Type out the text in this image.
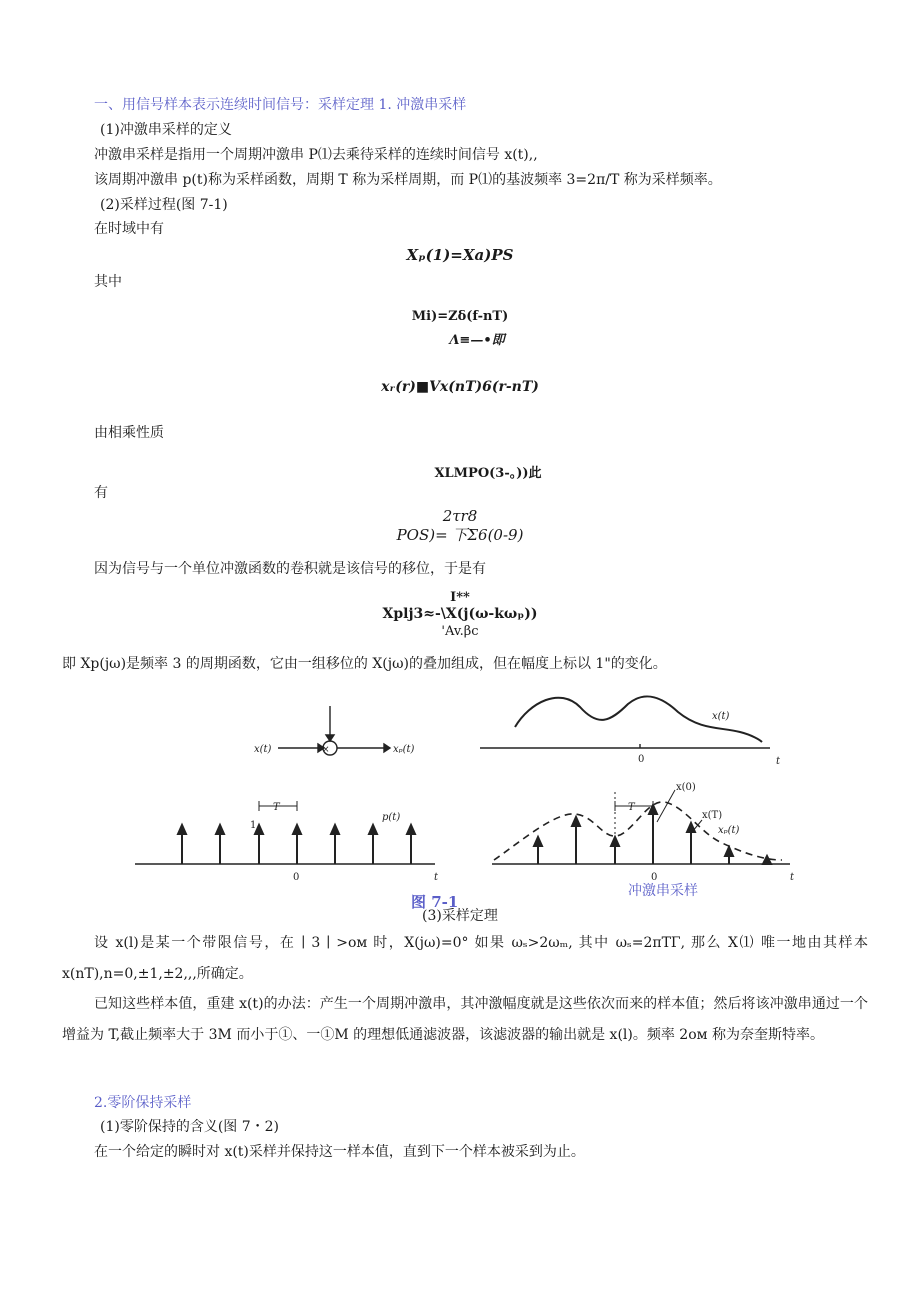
一、用信号样本表示连续时间信号：采样定理 1. 冲激串采样
(1)冲激串采样的定义
冲激串采样是指用一个周期冲激串 P⑴去乘待采样的连续时间信号 x(t),,
该周期冲激串 p(t)称为采样函数，周期 T 称为采样周期，而 P⑴的基波频率 3=2π/T 称为采样频率。
(2)采样过程(图 7-1)
在时域中有
Xₚ(1)=Xa)PS
其中
Mi)=Zδ(f-nT)
Λ≡—•即
xᵣ(r)■Vx(nT)6(r-nT)
由相乘性质
XLMPO(3-。))此
有
2τr8
POS)= 下Σ6(0-9)
因为信号与一个单位冲激函数的卷积就是该信号的移位，于是有
I**
Xplj3≈-\X(j(ω-kωₚ))
'Av.βc
即 Xp(jω)是频率 3 的周期函数，它由一组移位的 X(jω)的叠加组成，但在幅度上标以 1"的变化。
x(t)	xₚ(t)
x(t)
0	t
p(t)
T
1
0	t
T
x(0)
x(T)
xₚ(t)
0	t
×
图 7-1
冲激串采样
(3)采样定理
设 x(l)是某一个带限信号，在 ∣ 3 ∣ >ᴏᴍ 时，X(jω)=0° 如果 ωₛ>2ωₘ, 其中 ωₛ=2πTΓ, 那么 X⑴ 唯一地由其样本 x(nT),n=0,±1,±2,,,所确定。
已知这些样本值，重建 x(t)的办法：产生一个周期冲激串，其冲激幅度就是这些依次而来的样本值；然后将该冲激串通过一个增益为 T,截止频率大于 3M 而小于①、一①M 的理想低通滤波器，该滤波器的输出就是 x(l)。频率 2ᴏᴍ 称为奈奎斯特率。
2.零阶保持采样
(1)零阶保持的含义(图 7・2)
在一个给定的瞬时对 x(t)采样并保持这一样本值，直到下一个样本被采到为止。
